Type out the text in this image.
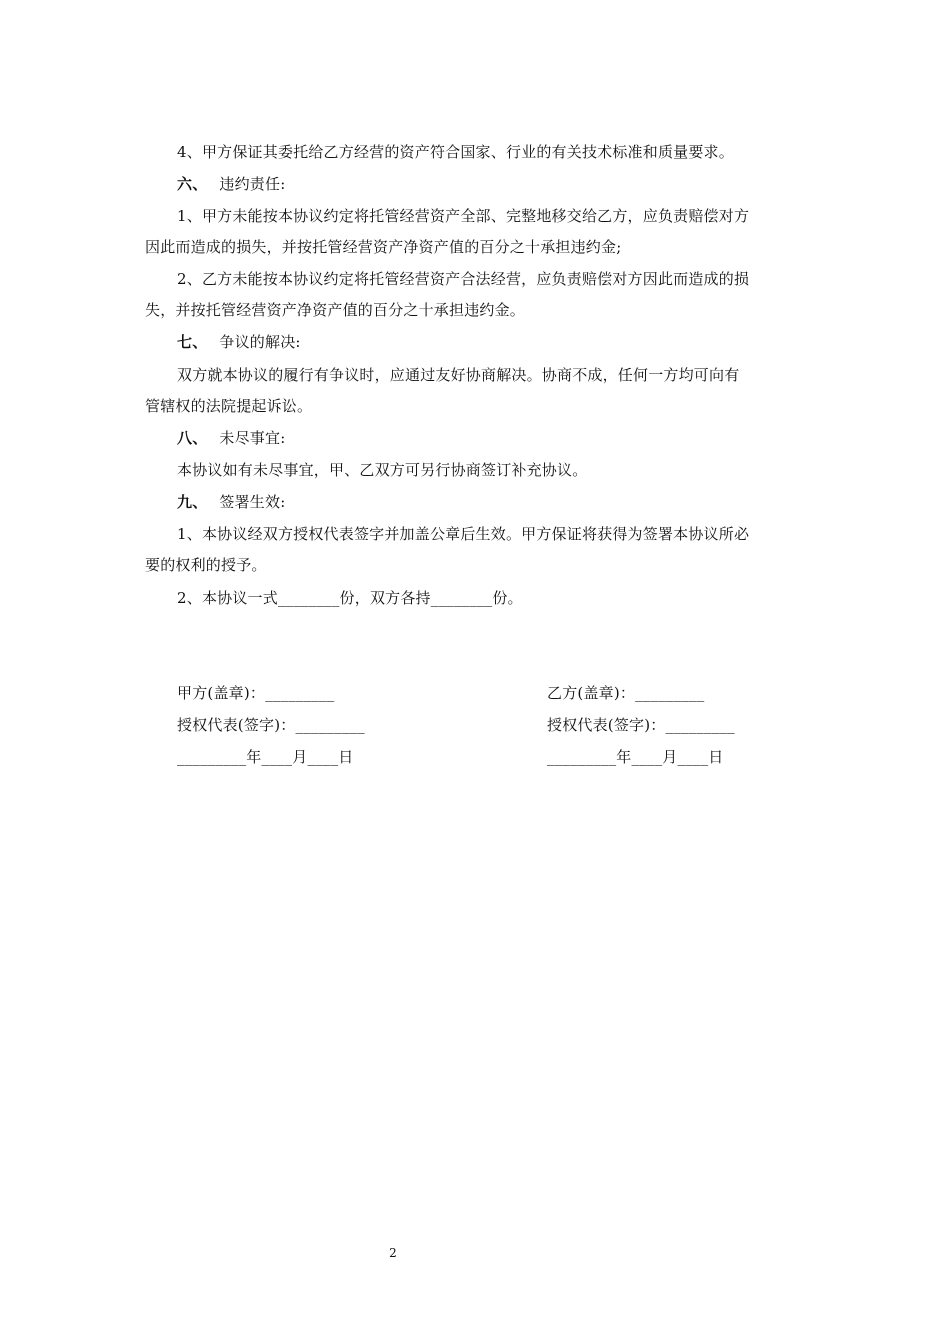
4、甲方保证其委托给乙方经营的资产符合国家、行业的有关技术标准和质量要求。
六、 违约责任:
1、甲方未能按本协议约定将托管经营资产全部、完整地移交给乙方，应负责赔偿对方
因此而造成的损失，并按托管经营资产净资产值的百分之十承担违约金;
2、乙方未能按本协议约定将托管经营资产合法经营，应负责赔偿对方因此而造成的损
失，并按托管经营资产净资产值的百分之十承担违约金。
七、 争议的解决:
双方就本协议的履行有争议时，应通过友好协商解决。协商不成，任何一方均可向有
管辖权的法院提起诉讼。
八、 未尽事宜:
本协议如有未尽事宜，甲、乙双方可另行协商签订补充协议。
九、 签署生效:
1、本协议经双方授权代表签字并加盖公章后生效。甲方保证将获得为签署本协议所必
要的权利的授予。
2、本协议一式________份，双方各持________份。
甲方(盖章)：_________
授权代表(签字)：_________
_________年____月____日
乙方(盖章)：_________
授权代表(签字)：_________
_________年____月____日
2
